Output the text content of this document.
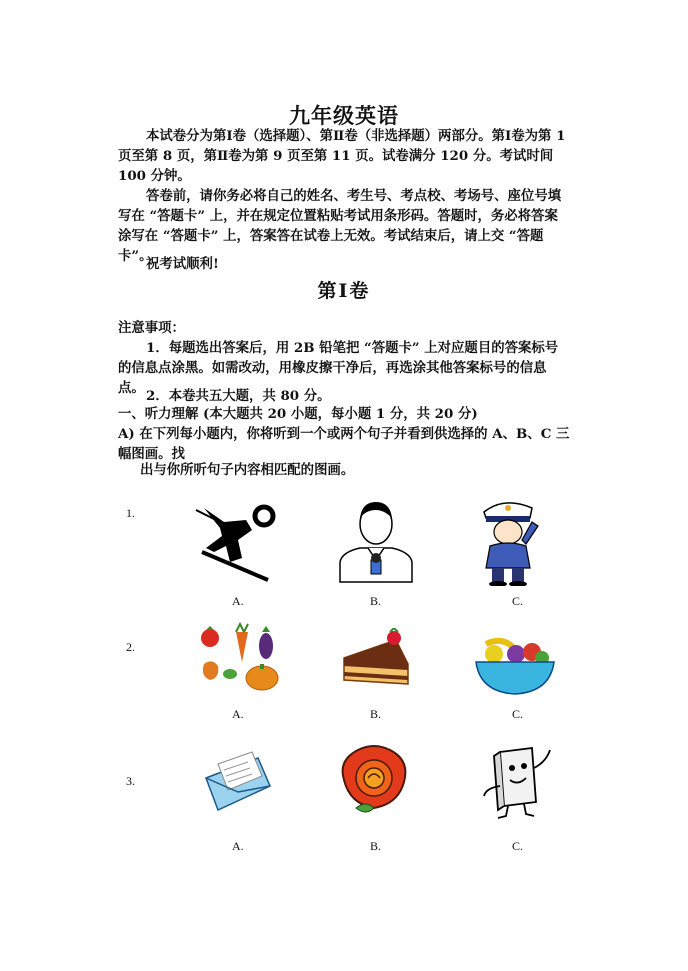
九年级英语

本试卷分为第Ⅰ卷（选择题）、第Ⅱ卷（非选择题）两部分。第Ⅰ卷为第 1 页至第 8 页，第Ⅱ卷为第 9 页至第 11 页。试卷满分 120 分。考试时间 100 分钟。

答卷前，请你务必将自己的姓名、考生号、考点校、考场号、座位号填写在 “答题卡” 上，并在规定位置粘贴考试用条形码。答题时，务必将答案涂写在 “答题卡” 上，答案答在试卷上无效。考试结束后，请上交 “答题卡”。

祝考试顺利!

第Ⅰ卷

注意事项：

1．每题选出答案后，用 2B 铅笔把 “答题卡” 上对应题目的答案标号的信息点涂黑。如需改动，用橡皮擦干净后，再选涂其他答案标号的信息点。 2．本卷共五大题，共 80 分。

一、听力理解 (本大题共 20 小题，每小题 1 分，共 20 分)

A) 在下列每小题内，你将听到一个或两个句子并看到供选择的 A、B、C 三幅图画。找

出与你所听句子内容相匹配的图画。

1.
A.	B.	C.
2.
A.	B.	C.
3.
A.	B.	C.
